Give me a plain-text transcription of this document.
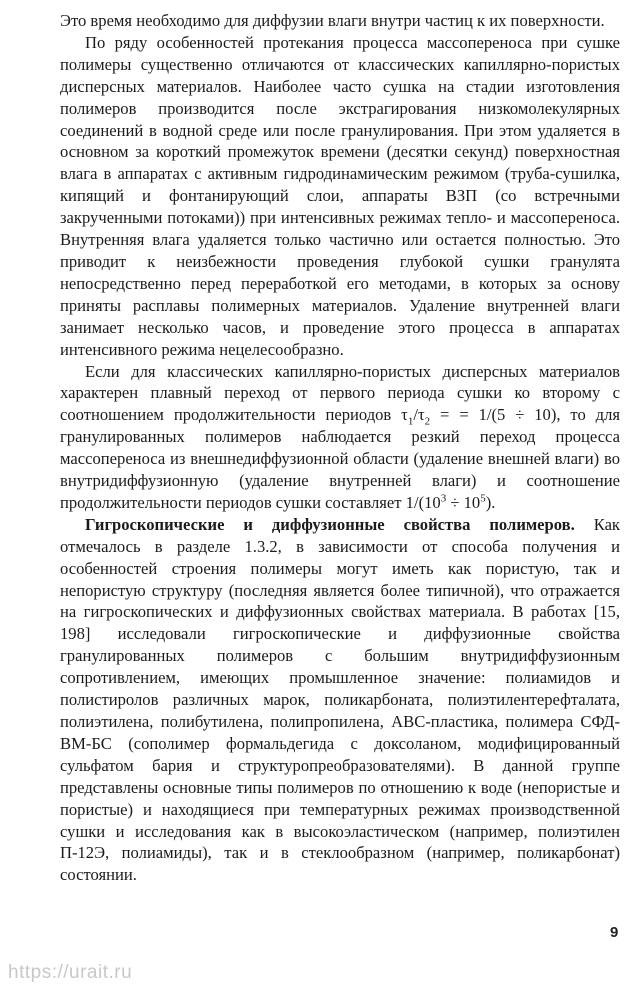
Это время необходимо для диффузии влаги внутри частиц к их поверхности.

По ряду особенностей протекания процесса массопереноса при сушке полимеры существенно отличаются от классических капиллярно-пористых дисперсных материалов. Наиболее часто сушка на стадии изготовления полимеров производится после экстрагирования низкомолекулярных соединений в водной среде или после гранулирования. При этом удаляется в основном за короткий промежуток времени (десятки секунд) поверхностная влага в аппаратах с активным гидродинамическим режимом (труба-сушилка, кипящий и фонтанирующий слои, аппараты ВЗП (со встречными закрученными потоками)) при интенсивных режимах тепло- и массопереноса. Внутренняя влага удаляется только частично или остается полностью. Это приводит к неизбежности проведения глубокой сушки гранулята непосредственно перед переработкой его методами, в которых за основу приняты расплавы полимерных материалов. Удаление внутренней влаги занимает несколько часов, и проведение этого процесса в аппаратах интенсивного режима нецелесообразно.

Если для классических капиллярно-пористых дисперсных материалов характерен плавный переход от первого периода сушки ко второму с соотношением продолжительности периодов $\tau_1/\tau_2$ = = 1/(5 ÷ 10), то для гранулированных полимеров наблюдается резкий переход процесса массопереноса из внешнедиффузионной области (удаление внешней влаги) во внутридиффузионную (удаление внутренней влаги) и соотношение продолжительности периодов сушки составляет $1/(10^3 \div 10^5)$.

Гигроскопические и диффузионные свойства полимеров. Как отмечалось в разделе 1.3.2, в зависимости от способа получения и особенностей строения полимеры могут иметь как пористую, так и непористую структуру (последняя является более типичной), что отражается на гигроскопических и диффузионных свойствах материала. В работах [15, 198] исследовали гигроскопические и диффузионные свойства гранулированных полимеров с большим внутридиффузионным сопротивлением, имеющих промышленное значение: полиамидов и полистиролов различных марок, поликарбоната, полиэтилентерефталата, полиэтилена, полибутилена, полипропилена, АВС-пластика, полимера СФД-ВМ-БС (сополимер формальдегида с доксоланом, модифицированный сульфатом бария и структуропреобразователями). В данной группе представлены основные типы полимеров по отношению к воде (непористые и пористые) и находящиеся при температурных режимах производственной сушки и исследования как в высокоэластическом (например, полиэтилен П-12Э, полиамиды), так и в стеклообразном (например, поликарбонат) состоянии.

9
https://urait.ru
